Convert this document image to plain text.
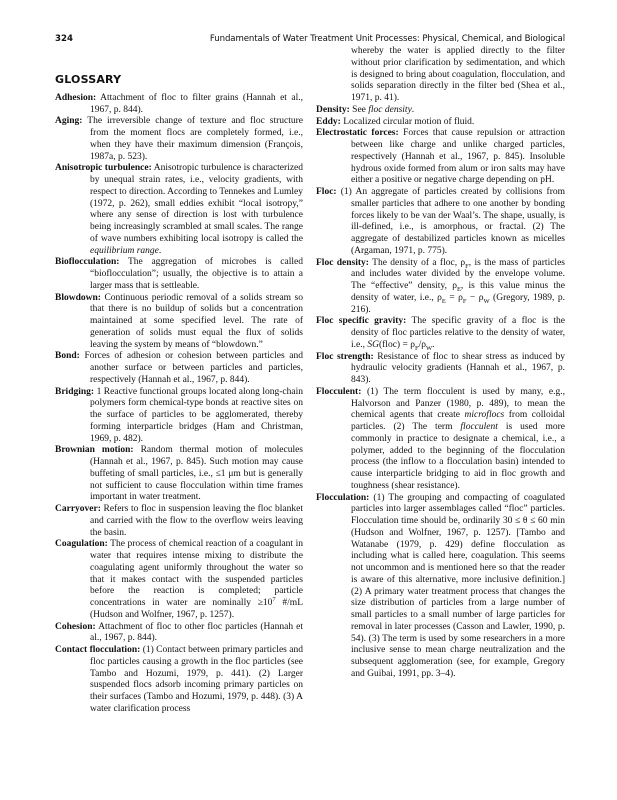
324	Fundamentals of Water Treatment Unit Processes: Physical, Chemical, and Biological
GLOSSARY

Adhesion: Attachment of floc to filter grains (Hannah et al., 1967, p. 844).

Aging: The irreversible change of texture and floc structure from the moment flocs are completely formed, i.e., when they have their maximum dimension (François, 1987a, p. 523).

Anisotropic turbulence: Anisotropic turbulence is characterized by unequal strain rates, i.e., velocity gradients, with respect to direction. According to Tennekes and Lumley (1972, p. 262), small eddies exhibit “local isotropy,” where any sense of direction is lost with turbulence being increasingly scrambled at small scales. The range of wave numbers exhibiting local isotropy is called the equilibrium range.

Bioflocculation: The aggregation of microbes is called “bioflocculation”; usually, the objective is to attain a larger mass that is settleable.

Blowdown: Continuous periodic removal of a solids stream so that there is no buildup of solids but a concentration maintained at some specified level. The rate of generation of solids must equal the flux of solids leaving the system by means of “blowdown.”

Bond: Forces of adhesion or cohesion between particles and another surface or between particles and particles, respectively (Hannah et al., 1967, p. 844).

Bridging: 1 Reactive functional groups located along long-chain polymers form chemical-type bonds at reactive sites on the surface of particles to be agglomerated, thereby forming interparticle bridges (Ham and Christman, 1969, p. 482).

Brownian motion: Random thermal motion of molecules (Hannah et al., 1967, p. 845). Such motion may cause buffeting of small particles, i.e., ≤1 μm but is generally not sufficient to cause flocculation within time frames important in water treatment.

Carryover: Refers to floc in suspension leaving the floc blanket and carried with the flow to the overflow weirs leaving the basin.

Coagulation: The process of chemical reaction of a coagulant in water that requires intense mixing to distribute the coagulating agent uniformly throughout the water so that it makes contact with the suspended particles before the reaction is completed; particle concentrations in water are nominally $\ge 10^7$ #/mL (Hudson and Wolfner, 1967, p. 1257).

Cohesion: Attachment of floc to other floc particles (Hannah et al., 1967, p. 844).

Contact flocculation: (1) Contact between primary particles and floc particles causing a growth in the floc particles (see Tambo and Hozumi, 1979, p. 441). (2) Larger suspended flocs adsorb incoming primary particles on their surfaces (Tambo and Hozumi, 1979, p. 448). (3) A water clarification process

whereby the water is applied directly to the filter without prior clarification by sedimentation, and which is designed to bring about coagulation, flocculation, and solids separation directly in the filter bed (Shea et al., 1971, p. 41).

Density: See floc density.

Eddy: Localized circular motion of fluid.

Electrostatic forces: Forces that cause repulsion or attraction between like charge and unlike charged particles, respectively (Hannah et al., 1967, p. 845). Insoluble hydrous oxide formed from alum or iron salts may have either a positive or negative charge depending on pH.

Floc: (1) An aggregate of particles created by collisions from smaller particles that adhere to one another by bonding forces likely to be van der Waal’s. The shape, usually, is ill-defined, i.e., is amorphous, or fractal. (2) The aggregate of destabilized particles known as micelles (Argaman, 1971, p. 775).

Floc density: The density of a floc, $\rho_F$, is the mass of particles and includes water divided by the envelope volume. The “effective” density, $\rho_E$, is this value minus the density of water, i.e., $\rho_E = \rho_F - \rho_W$ (Gregory, 1989, p. 216).

Floc specific gravity: The specific gravity of a floc is the density of floc particles relative to the density of water, i.e., SG(floc) = $\rho_F/\rho_W$.

Floc strength: Resistance of floc to shear stress as induced by hydraulic velocity gradients (Hannah et al., 1967, p. 843).

Flocculent: (1) The term flocculent is used by many, e.g., Halvorson and Panzer (1980, p. 489), to mean the chemical agents that create microflocs from colloidal particles. (2) The term flocculent is used more commonly in practice to designate a chemical, i.e., a polymer, added to the beginning of the flocculation process (the inflow to a flocculation basin) intended to cause interparticle bridging to aid in floc growth and toughness (shear resistance).

Flocculation: (1) The grouping and compacting of coagulated particles into larger assemblages called “floc” particles. Flocculation time should be, ordinarily 30 ≤ θ ≤ 60 min (Hudson and Wolfner, 1967, p. 1257). [Tambo and Watanabe (1979, p. 429) define flocculation as including what is called here, coagulation. This seems not uncommon and is mentioned here so that the reader is aware of this alternative, more inclusive definition.] (2) A primary water treatment process that changes the size distribution of particles from a large number of small particles to a small number of large particles for removal in later processes (Casson and Lawler, 1990, p. 54). (3) The term is used by some researchers in a more inclusive sense to mean charge neutralization and the subsequent agglomeration (see, for example, Gregory and Guibai, 1991, pp. 3–4).
